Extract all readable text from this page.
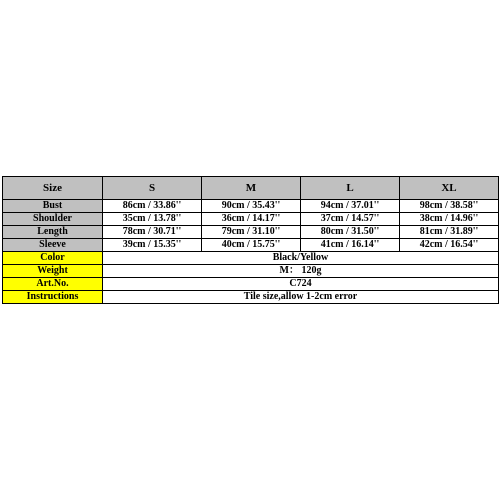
Size	S	M	L	XL
Bust	86cm / 33.86''	90cm / 35.43''	94cm / 37.01''	98cm / 38.58''
Shoulder	35cm / 13.78''	36cm / 14.17''	37cm / 14.57''	38cm / 14.96''
Length	78cm / 30.71''	79cm / 31.10''	80cm / 31.50''	81cm / 31.89''
Sleeve	39cm / 15.35''	40cm / 15.75''	41cm / 16.14''	42cm / 16.54''
Color	Black/Yellow			
Weight	M： 120g			
Art.No.	C724			
Instructions	Tile size,allow 1-2cm error			
